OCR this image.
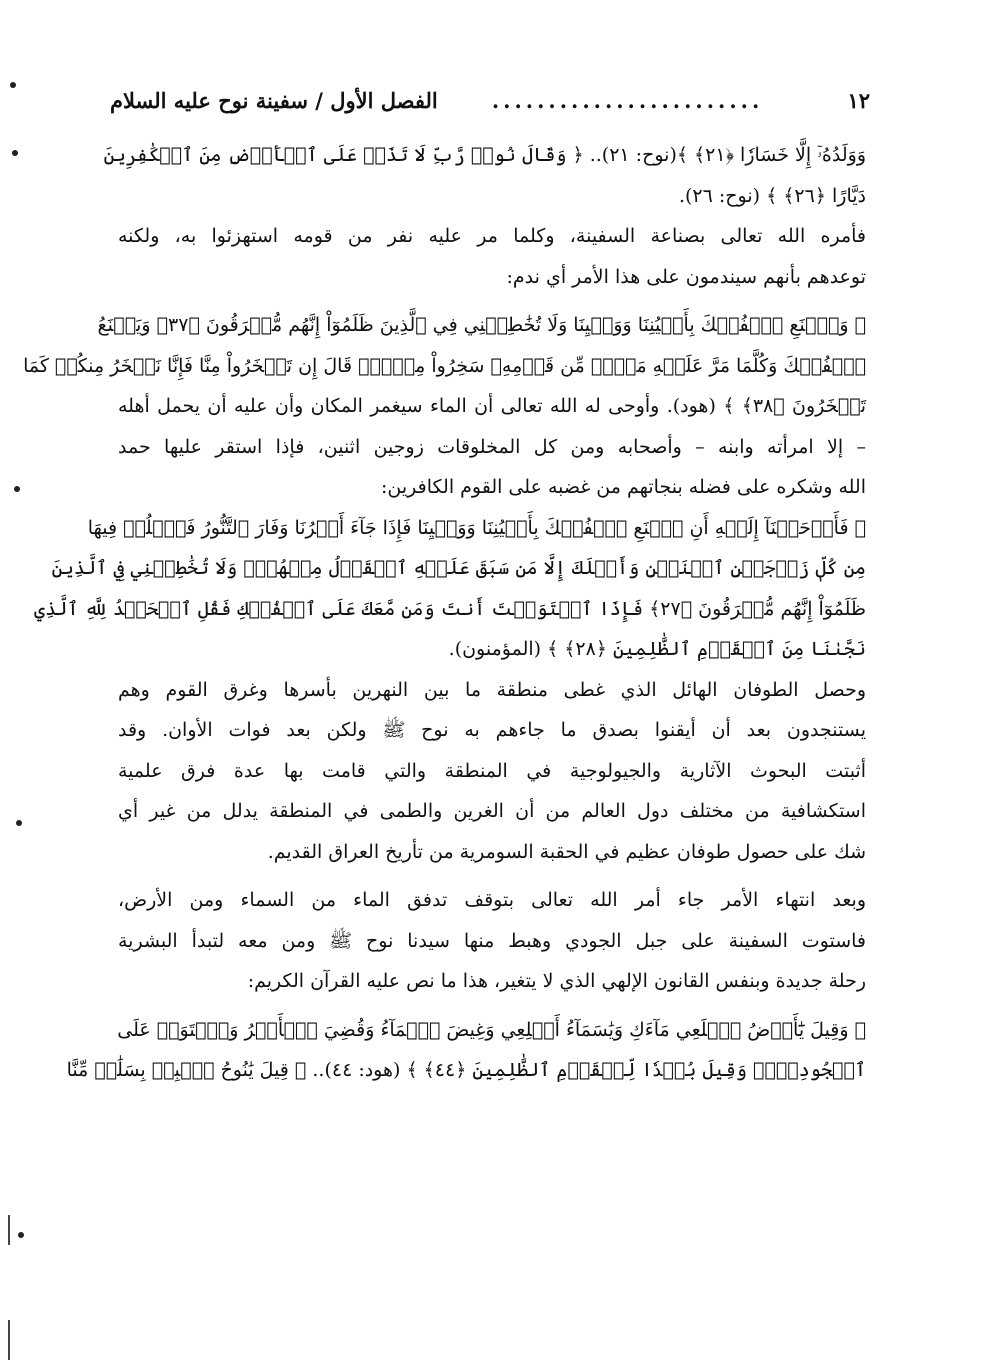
١٢
........................
الفصل الأول / سفينة نوح عليه السلام
وَوَلَدُهُۥٓ إِلَّا خَسَارٗا ﴿٢١﴾ ﴾(نوح: ٢١).. ﴿ وَقَالَ نُوحٞ رَّبِّ لَا تَذَرۡ عَلَى ٱلۡأَرۡضِ مِنَ ٱلۡكَٰفِرِينَ
دَيَّارًا ﴿٢٦﴾ ﴾ (نوح: ٢٦).
فأمره الله تعالى بصناعة السفينة، وكلما مر عليه نفر من قومه استهزئوا به، ولكنه
توعدهم بأنهم سيندمون على هذا الأمر أي ندم:
﴿ وَٱصۡنَعِ ٱلۡفُلۡكَ بِأَعۡيُنِنَا وَوَحۡيِنَا وَلَا تُخَٰطِبۡنِي فِي ٱلَّذِينَ ظَلَمُوٓاْ إِنَّهُم مُّغۡرَقُونَ ﴿٣٧﴾ وَيَصۡنَعُ
ٱلۡفُلۡكَ وَكُلَّمَا مَرَّ عَلَيۡهِ مَلَأٞ مِّن قَوۡمِهِۦ سَخِرُواْ مِنۡهُۚ قَالَ إِن تَسۡخَرُواْ مِنَّا فَإِنَّا نَسۡخَرُ مِنكُمۡ كَمَا
تَسۡخَرُونَ ﴿٣٨﴾ ﴾ (هود). وأوحى له الله تعالى أن الماء سيغمر المكان وأن عليه أن يحمل أهله
– إلا امرأته وابنه – وأصحابه ومن كل المخلوقات زوجين اثنين، فإذا استقر عليها حمد
الله وشكره على فضله بنجاتهم من غضبه على القوم الكافرين:
﴿ فَأَوۡحَيۡنَآ إِلَيۡهِ أَنِ ٱصۡنَعِ ٱلۡفُلۡكَ بِأَعۡيُنِنَا وَوَحۡيِنَا فَإِذَا جَآءَ أَمۡرُنَا وَفَارَ ٱلتَّنُّورُ فَٱسۡلُكۡ فِيهَا
مِن كُلّٖ زَوۡجَيۡنِ ٱثۡنَيۡنِ وَأَهۡلَكَ إِلَّا مَن سَبَقَ عَلَيۡهِ ٱلۡقَوۡلُ مِنۡهُمۡۖ وَلَا تُخَٰطِبۡنِي فِي ٱلَّذِينَ
ظَلَمُوٓاْ إِنَّهُم مُّغۡرَقُونَ ﴿٢٧﴾ فَإِذَا ٱسۡتَوَيۡتَ أَنتَ وَمَن مَّعَكَ عَلَى ٱلۡفُلۡكِ فَقُلِ ٱلۡحَمۡدُ لِلَّهِ ٱلَّذِي
نَجَّىٰنَا مِنَ ٱلۡقَوۡمِ ٱلظَّٰلِمِينَ ﴿٢٨﴾ ﴾ (المؤمنون).
وحصل الطوفان الهائل الذي غطى منطقة ما بين النهرين بأسرها وغرق القوم وهم
يستنجدون بعد أن أيقنوا بصدق ما جاءهم به نوح ﷺ ولكن بعد فوات الأوان. وقد
أثبتت البحوث الآثارية والجيولوجية في المنطقة والتي قامت بها عدة فرق علمية
استكشافية من مختلف دول العالم من أن الغرين والطمى في المنطقة يدلل من غير أي
شك على حصول طوفان عظيم في الحقبة السومرية من تأريخ العراق القديم.
وبعد انتهاء الأمر جاء أمر الله تعالى بتوقف تدفق الماء من السماء ومن الأرض،
فاستوت السفينة على جبل الجودي وهبط منها سيدنا نوح ﷺ ومن معه لتبدأ البشرية
رحلة جديدة وبنفس القانون الإلهي الذي لا يتغير، هذا ما نص عليه القرآن الكريم:
﴿ وَقِيلَ يَٰٓأَرۡضُ ٱبۡلَعِي مَآءَكِ وَيَٰسَمَآءُ أَقۡلِعِي وَغِيضَ ٱلۡمَآءُ وَقُضِيَ ٱلۡأَمۡرُ وَٱسۡتَوَتۡ عَلَى
ٱلۡجُودِيِّۖ وَقِيلَ بُعۡدٗا لِّلۡقَوۡمِ ٱلظَّٰلِمِينَ ﴿٤٤﴾ ﴾ (هود: ٤٤).. ﴿ قِيلَ يَٰنُوحُ ٱهۡبِطۡ بِسَلَٰمٖ مِّنَّا
